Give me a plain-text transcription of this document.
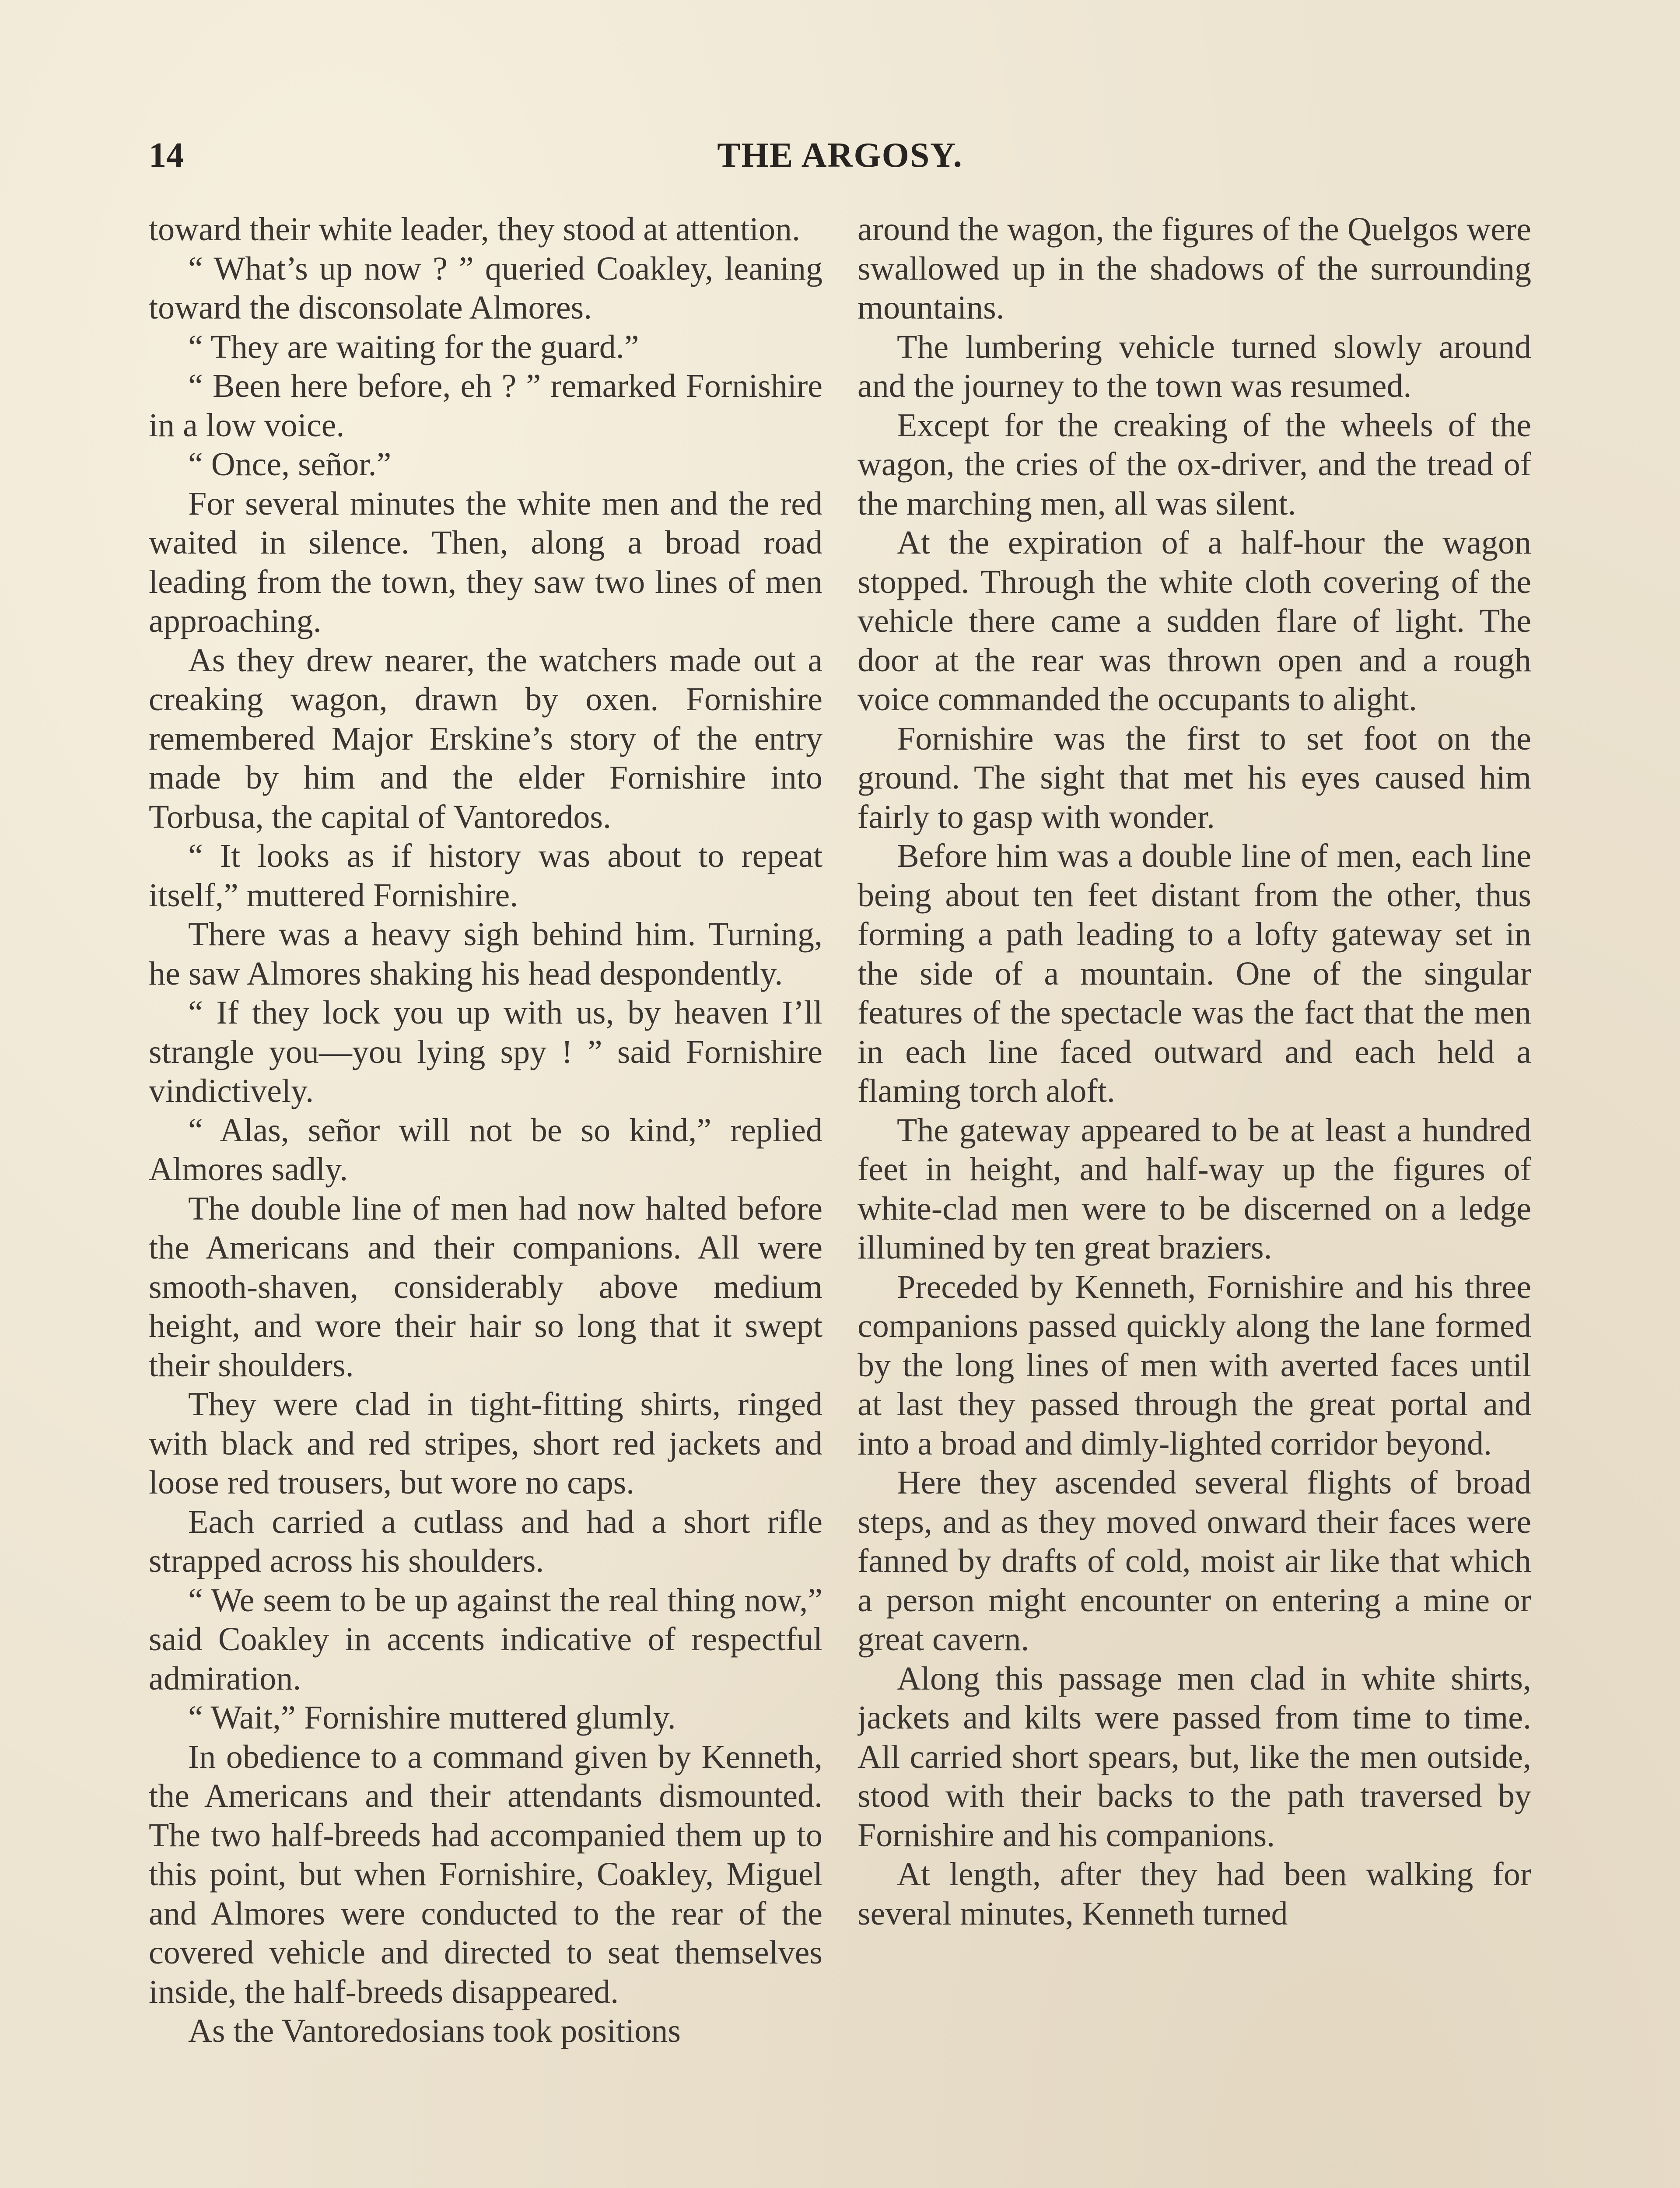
14	THE ARGOSY.

toward their white leader, they stood at attention.

“ What’s up now ? ” queried Coakley, leaning toward the disconsolate Almores.

“ They are waiting for the guard.”

“ Been here before, eh ? ” remarked Fornishire in a low voice.

“ Once, señor.”

For several minutes the white men and the red waited in silence. Then, along a broad road leading from the town, they saw two lines of men approaching.

As they drew nearer, the watchers made out a creaking wagon, drawn by oxen. Fornishire remembered Major Erskine’s story of the entry made by him and the elder Fornishire into Torbusa, the capital of Vantoredos.

“ It looks as if history was about to repeat itself,” muttered Fornishire.

There was a heavy sigh behind him. Turning, he saw Almores shaking his head despondently.

“ If they lock you up with us, by heaven I’ll strangle you—you lying spy ! ” said Fornishire vindictively.

“ Alas, señor will not be so kind,” replied Almores sadly.

The double line of men had now halted before the Americans and their companions. All were smooth-shaven, considerably above medium height, and wore their hair so long that it swept their shoulders.

They were clad in tight-fitting shirts, ringed with black and red stripes, short red jackets and loose red trousers, but wore no caps.

Each carried a cutlass and had a short rifle strapped across his shoulders.

“ We seem to be up against the real thing now,” said Coakley in accents indicative of respectful admiration.

“ Wait,” Fornishire muttered glumly.

In obedience to a command given by Kenneth, the Americans and their attendants dismounted. The two half-breeds had accompanied them up to this point, but when Fornishire, Coakley, Miguel and Almores were conducted to the rear of the covered vehicle and directed to seat themselves inside, the half-breeds disappeared.

As the Vantoredosians took positions

around the wagon, the figures of the Quelgos were swallowed up in the shadows of the surrounding mountains.

The lumbering vehicle turned slowly around and the journey to the town was resumed.

Except for the creaking of the wheels of the wagon, the cries of the ox-driver, and the tread of the marching men, all was silent.

At the expiration of a half-hour the wagon stopped. Through the white cloth covering of the vehicle there came a sudden flare of light. The door at the rear was thrown open and a rough voice commanded the occupants to alight.

Fornishire was the first to set foot on the ground. The sight that met his eyes caused him fairly to gasp with wonder.

Before him was a double line of men, each line being about ten feet distant from the other, thus forming a path leading to a lofty gateway set in the side of a mountain. One of the singular features of the spectacle was the fact that the men in each line faced outward and each held a flaming torch aloft.

The gateway appeared to be at least a hundred feet in height, and half-way up the figures of white-clad men were to be discerned on a ledge illumined by ten great braziers.

Preceded by Kenneth, Fornishire and his three companions passed quickly along the lane formed by the long lines of men with averted faces until at last they passed through the great portal and into a broad and dimly-lighted corridor beyond.

Here they ascended several flights of broad steps, and as they moved onward their faces were fanned by drafts of cold, moist air like that which a person might encounter on entering a mine or great cavern.

Along this passage men clad in white shirts, jackets and kilts were passed from time to time. All carried short spears, but, like the men outside, stood with their backs to the path traversed by Fornishire and his companions.

At length, after they had been walking for several minutes, Kenneth turned
